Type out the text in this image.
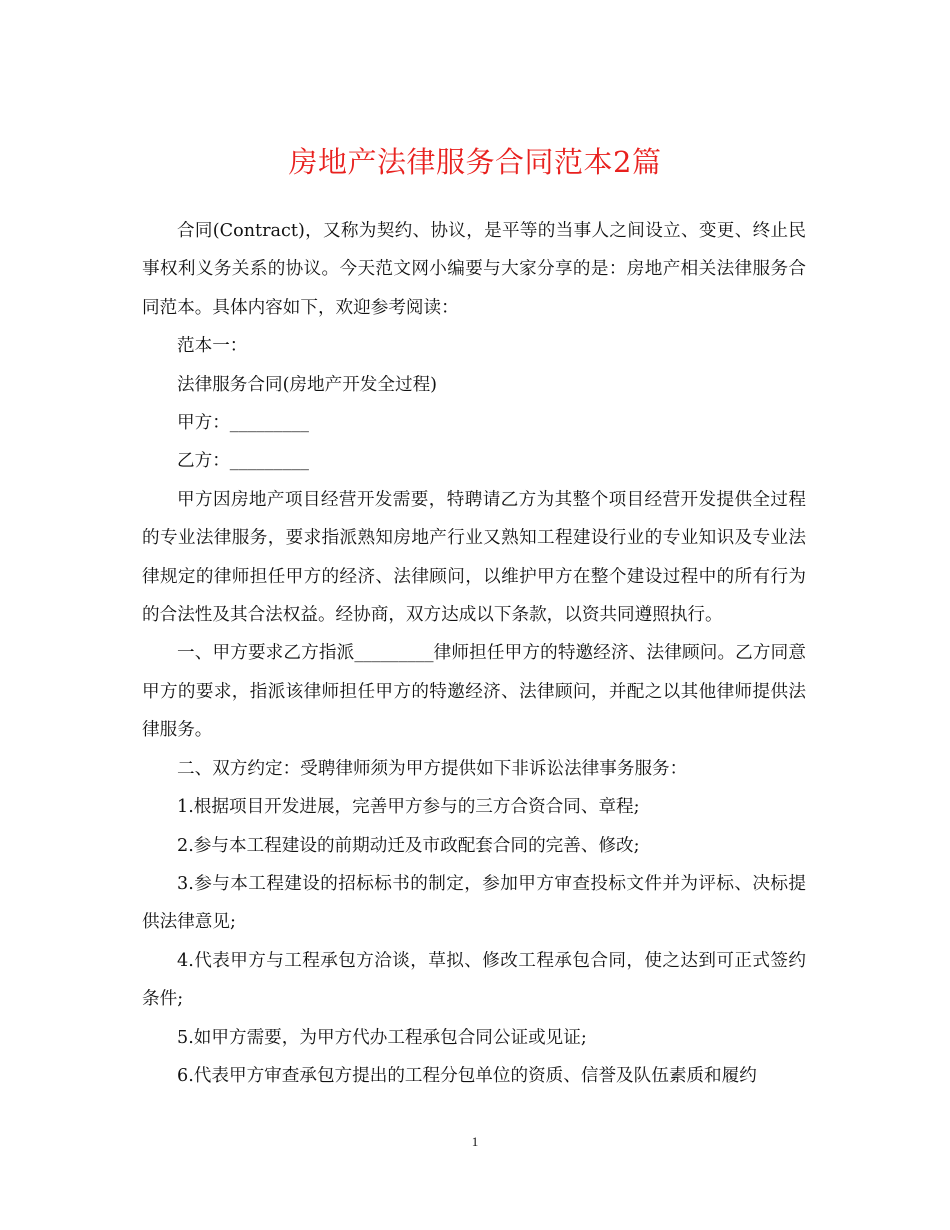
房地产法律服务合同范本2篇

合同(Contract)，又称为契约、协议，是平等的当事人之间设立、变更、终止民事权利义务关系的协议。今天范文网小编要与大家分享的是：房地产相关法律服务合同范本。具体内容如下，欢迎参考阅读：

范本一：

法律服务合同(房地产开发全过程)

甲方：_________

乙方：_________

甲方因房地产项目经营开发需要，特聘请乙方为其整个项目经营开发提供全过程的专业法律服务，要求指派熟知房地产行业又熟知工程建设行业的专业知识及专业法律规定的律师担任甲方的经济、法律顾问，以维护甲方在整个建设过程中的所有行为的合法性及其合法权益。经协商，双方达成以下条款，以资共同遵照执行。

一、甲方要求乙方指派_________律师担任甲方的特邀经济、法律顾问。乙方同意甲方的要求，指派该律师担任甲方的特邀经济、法律顾问，并配之以其他律师提供法律服务。

二、双方约定：受聘律师须为甲方提供如下非诉讼法律事务服务：

1.根据项目开发进展，完善甲方参与的三方合资合同、章程;

2.参与本工程建设的前期动迁及市政配套合同的完善、修改;

3.参与本工程建设的招标标书的制定，参加甲方审查投标文件并为评标、决标提供法律意见;

4.代表甲方与工程承包方洽谈，草拟、修改工程承包合同，使之达到可正式签约条件;

5.如甲方需要，为甲方代办工程承包合同公证或见证;

6.代表甲方审查承包方提出的工程分包单位的资质、信誉及队伍素质和履约

1
